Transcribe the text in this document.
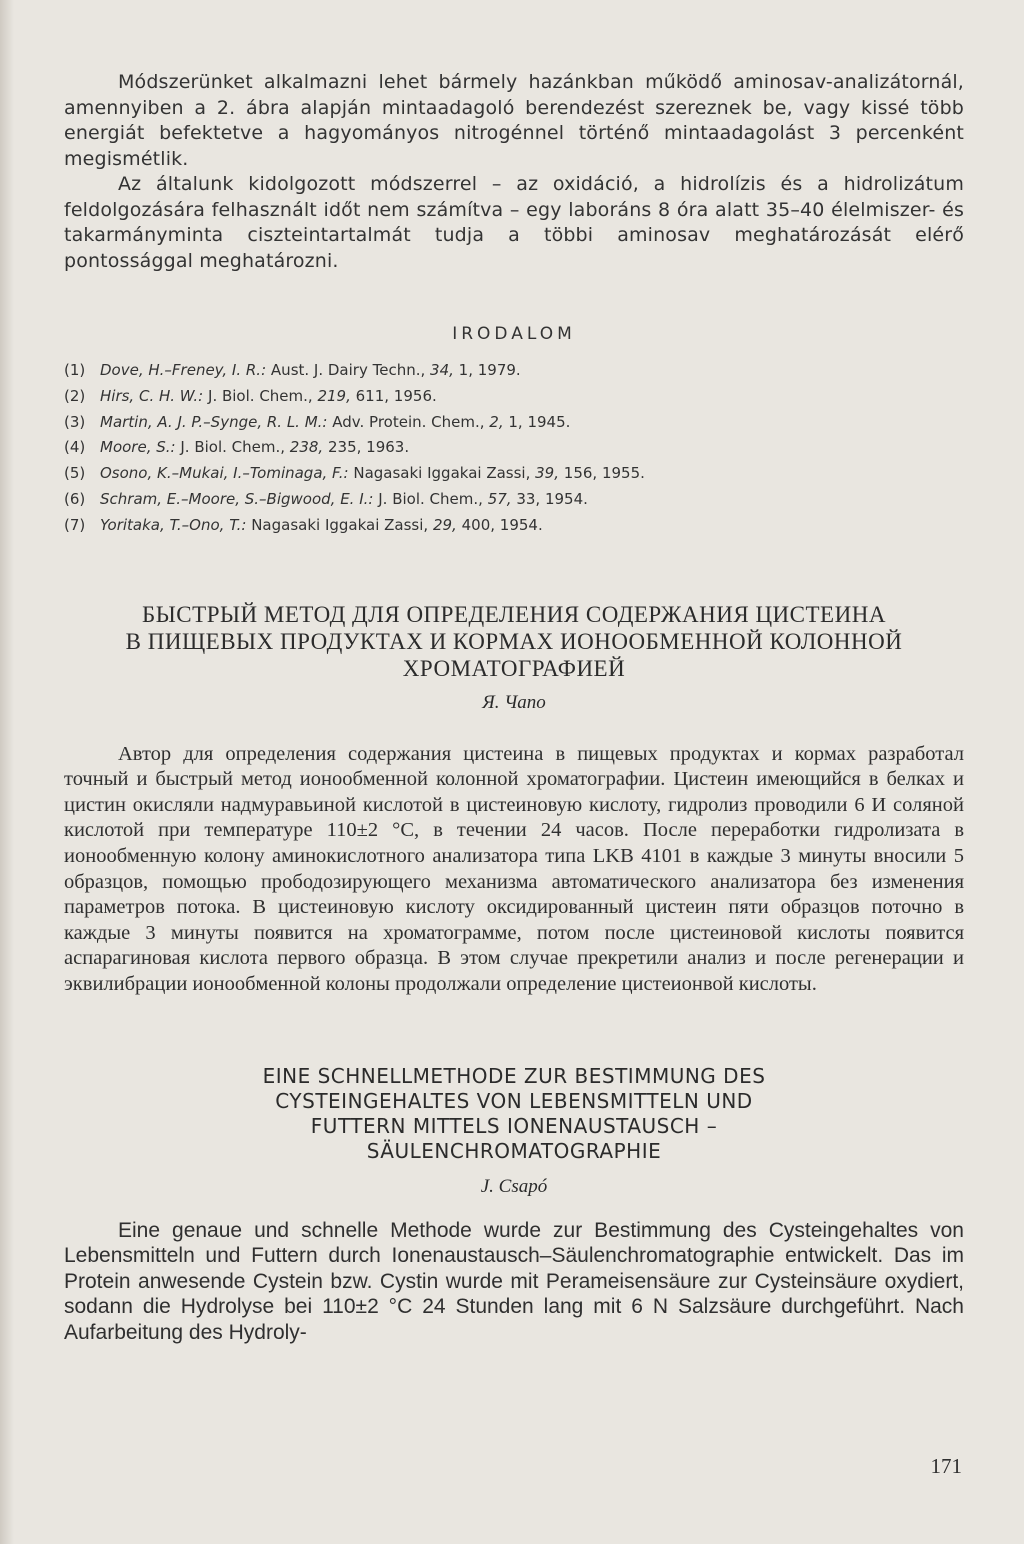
Módszerünket alkalmazni lehet bármely hazánkban működő aminosav-analizátornál, amennyiben a 2. ábra alapján mintaadagoló berendezést szereznek be, vagy kissé több energiát befektetve a hagyományos nitrogénnel történő mintaadagolást 3 percenként megismétlik.

Az általunk kidolgozott módszerrel – az oxidáció, a hidrolízis és a hidrolizátum feldolgozására felhasznált időt nem számítva – egy laboráns 8 óra alatt 35–40 élelmiszer- és takarmányminta ciszteintartalmát tudja a többi aminosav meghatározását elérő pontossággal meghatározni.

IRODALOM
(1) Dove, H.–Freney, I. R.: Aust. J. Dairy Techn., 34, 1, 1979.
(2) Hirs, C. H. W.: J. Biol. Chem., 219, 611, 1956.
(3) Martin, A. J. P.–Synge, R. L. M.: Adv. Protein. Chem., 2, 1, 1945.
(4) Moore, S.: J. Biol. Chem., 238, 235, 1963.
(5) Osono, K.–Mukai, I.–Tominaga, F.: Nagasaki Iggakai Zassi, 39, 156, 1955.
(6) Schram, E.–Moore, S.–Bigwood, E. I.: J. Biol. Chem., 57, 33, 1954.
(7) Yoritaka, T.–Ono, T.: Nagasaki Iggakai Zassi, 29, 400, 1954.
БЫСТРЫЙ МЕТОД ДЛЯ ОПРЕДЕЛЕНИЯ СОДЕРЖАНИЯ ЦИСТЕИНА
В ПИЩЕВЫХ ПРОДУКТАХ И КОРМАХ ИОНООБМЕННОЙ КОЛОННОЙ
ХРОМАТОГРАФИЕЙ
Я. Чапо

Автор для определения содержания цистеина в пищевых продуктах и кормах разработал точный и быстрый метод ионообменной колонной хроматографии. Цистеин имеющийся в белках и цистин окисляли надмуравьиной кислотой в цистеиновую кислоту, гидролиз проводили 6 И соляной кислотой при температуре 110±2 °C, в течении 24 часов. После переработки гидролизата в ионообменную колону аминокислотного анализатора типа LKB 4101 в каждые 3 минуты вносили 5 образцов, помощью прободозирующего механизма автоматического анализатора без изменения параметров потока. В цистеиновую кислоту оксидированный цистеин пяти образцов поточно в каждые 3 минуты появится на хроматограмме, потом после цистеиновой кислоты появится аспарагиновая кислота первого образца. В этом случае прекретили анализ и после регенерации и эквилибрации ионообменной колоны продолжали определение цистеионвой кислоты.

EINE SCHNELLMETHODE ZUR BESTIMMUNG DES
CYSTEINGEHALTES VON LEBENSMITTELN UND
FUTTERN MITTELS IONENAUSTAUSCH –
SÄULENCHROMATOGRAPHIE
J. Csapó

Eine genaue und schnelle Methode wurde zur Bestimmung des Cysteingehaltes von Lebensmitteln und Futtern durch Ionenaustausch–Säulenchromatographie entwickelt. Das im Protein anwesende Cystein bzw. Cystin wurde mit Perameisensäure zur Cysteinsäure oxydiert, sodann die Hydrolyse bei 110±2 °C 24 Stunden lang mit 6 N Salzsäure durchgeführt. Nach Aufarbeitung des Hydroly-

171
